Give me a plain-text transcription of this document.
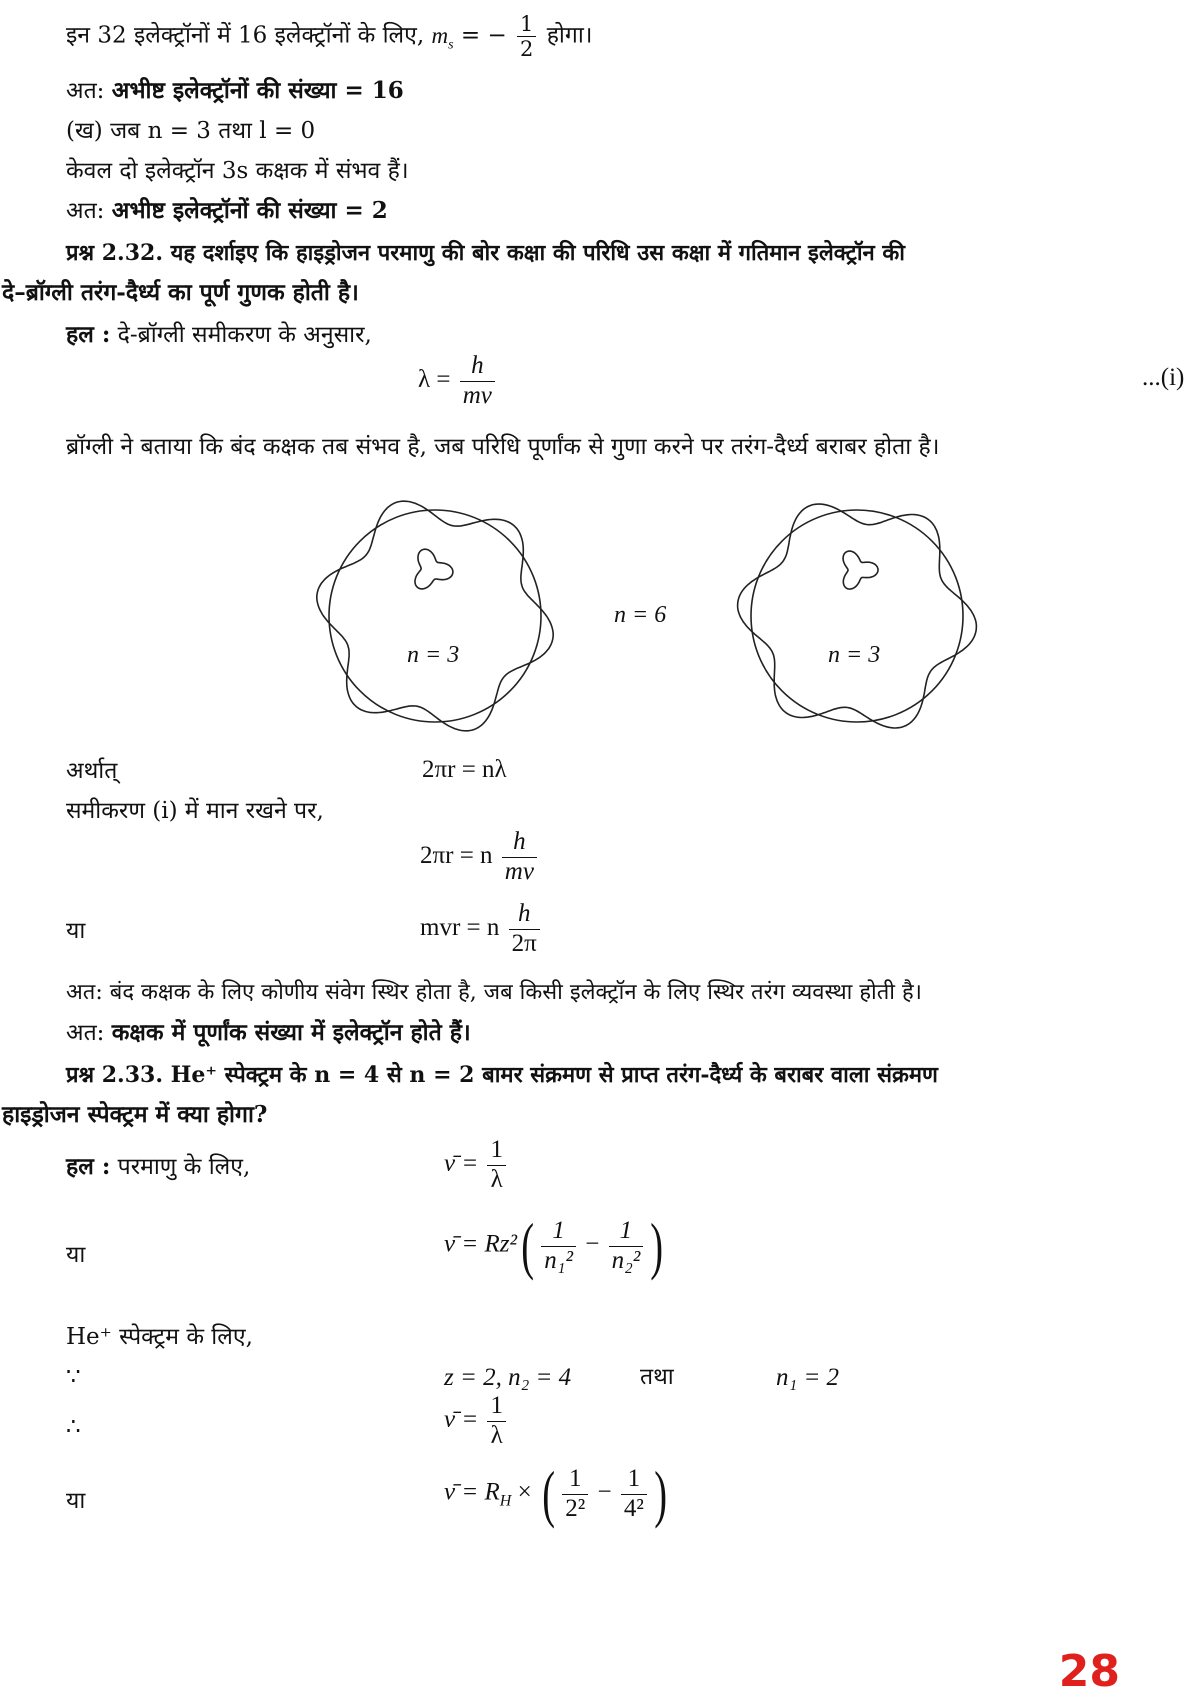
इन 32 इलेक्ट्रॉनों में 16 इलेक्ट्रॉनों के लिए, $m_s$ = − $\frac{1}{2}$ होगा।
अत: अभीष्ट इलेक्ट्रॉनों की संख्या = 16
(ख) जब n = 3 तथा l = 0
केवल दो इलेक्ट्रॉन 3s कक्षक में संभव हैं।
अत: अभीष्ट इलेक्ट्रॉनों की संख्या = 2
प्रश्न 2.32. यह दर्शाइए कि हाइड्रोजन परमाणु की बोर कक्षा की परिधि उस कक्षा में गतिमान इलेक्ट्रॉन की
दे–ब्रॉग्ली तरंग-दैर्ध्य का पूर्ण गुणक होती है।
हल : दे-ब्रॉग्ली समीकरण के अनुसार,
$\lambda = \frac{h}{mv}$	...(i)
ब्रॉग्ली ने बताया कि बंद कक्षक तब संभव है, जब परिधि पूर्णांक से गुणा करने पर तरंग-दैर्ध्य बराबर होता है।
n = 3
n = 6
n = 3
अर्थात्	2πr = nλ
समीकरण (i) में मान रखने पर,
2πr = n $\frac{h}{mv}$
या	mvr = n $\frac{h}{2\pi}$
अत: बंद कक्षक के लिए कोणीय संवेग स्थिर होता है, जब किसी इलेक्ट्रॉन के लिए स्थिर तरंग व्यवस्था होती है।
अत: कक्षक में पूर्णांक संख्या में इलेक्ट्रॉन होते हैं।
प्रश्न 2.33. He⁺ स्पेक्ट्रम के n = 4 से n = 2 बामर संक्रमण से प्राप्त तरंग-दैर्ध्य के बराबर वाला संक्रमण
हाइड्रोजन स्पेक्ट्रम में क्या होगा?
हल : परमाणु के लिए,	ν̄ = $\frac{1}{\lambda}$
या	ν̄ = $Rz^2( \frac{1}{\text{n₁²}} - \frac{1}{\text{n₂²}}$ )
He⁺ स्पेक्ट्रम के लिए,
∵	z = 2, n₂ = 4	तथा	n₁ = 2
∴	ν̄ = $\frac{1}{\lambda}$
या	ν̄ = $R_H$ × ( $\frac{1}{\text{2²}} - \frac{1}{\text{4²}}$ )
28
